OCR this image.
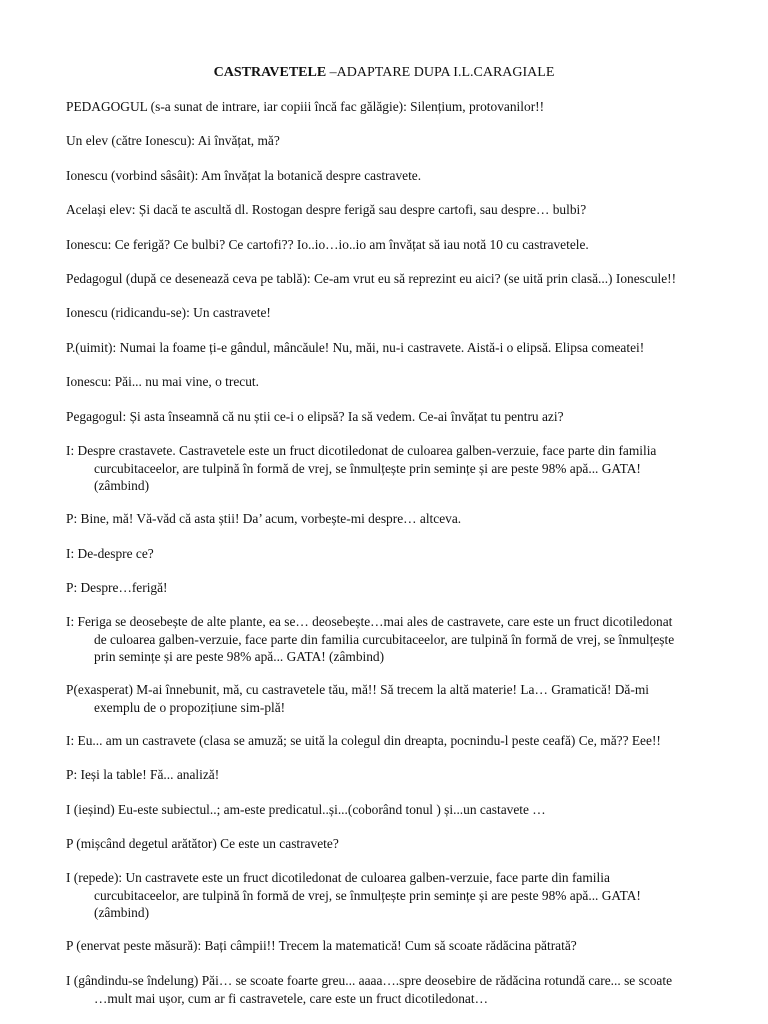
CASTRAVETELE –ADAPTARE DUPA I.L.CARAGIALE
PEDAGOGUL (s-a sunat de intrare, iar copiii încă fac gălăgie): Silențium, protovanilor!!
Un elev (către Ionescu): Ai învățat, mă?
Ionescu (vorbind sâsâit): Am învățat la botanică despre castravete.
Același elev: Și dacă te ascultă dl. Rostogan despre ferigă sau despre cartofi, sau despre… bulbi?
Ionescu: Ce ferigă? Ce bulbi? Ce cartofi?? Io..io…io..io am învățat să iau notă 10 cu castravetele.
Pedagogul (după ce desenează ceva pe tablă): Ce-am vrut eu să reprezint eu aici? (se uită prin clasă...) Ionescule!!
Ionescu (ridicandu-se): Un castravete!
P.(uimit): Numai la foame ți-e gândul, mâncăule! Nu, măi, nu-i castravete. Aistă-i o elipsă. Elipsa comeatei!
Ionescu: Păi... nu mai vine, o trecut.
Pegagogul: Și asta înseamnă că nu știi ce-i o elipsă? Ia să vedem. Ce-ai învățat tu pentru azi?
I: Despre crastavete. Castravetele este un fruct dicotiledonat de culoarea galben-verzuie, face parte din familia
curcubitaceelor, are tulpină în formă de vrej, se înmulțește prin semințe și are peste 98% apă... GATA!
(zâmbind)
P: Bine, mă! Vă-văd că asta știi! Da’ acum, vorbește-mi despre… altceva.
I: De-despre ce?
P: Despre…ferigă!
I: Feriga se deosebește de alte plante, ea se… deosebește…mai ales de castravete, care este un fruct dicotiledonat
de culoarea galben-verzuie, face parte din familia curcubitaceelor, are tulpină în formă de vrej, se înmulțește
prin semințe și are peste 98% apă... GATA! (zâmbind)
P(exasperat) M-ai înnebunit, mă, cu castravetele tău, mă!! Să trecem la altă materie! La… Gramatică! Dă-mi
exemplu de o propozițiune sim-plă!
I: Eu... am un castravete (clasa se amuză; se uită la colegul din dreapta, pocnindu-l peste ceafă) Ce, mă?? Eee!!
P: Ieși la table! Fă... analiză!
I (ieșind) Eu-este subiectul..; am-este predicatul..și...(coborând tonul ) și...un castavete …
P (mișcând degetul arătător) Ce este un castravete?
I (repede): Un castravete este un fruct dicotiledonat de culoarea galben-verzuie, face parte din familia
curcubitaceelor, are tulpină în formă de vrej, se înmulțește prin semințe și are peste 98% apă... GATA!
(zâmbind)
P (enervat peste măsură): Bați câmpii!! Trecem la matematică! Cum să scoate rădăcina pătrată?
I (gândindu-se îndelung) Păi… se scoate foarte greu... aaaa….spre deosebire de rădăcina rotundă care... se scoate
…mult mai ușor, cum ar fi castravetele, care este un fruct dicotiledonat…
